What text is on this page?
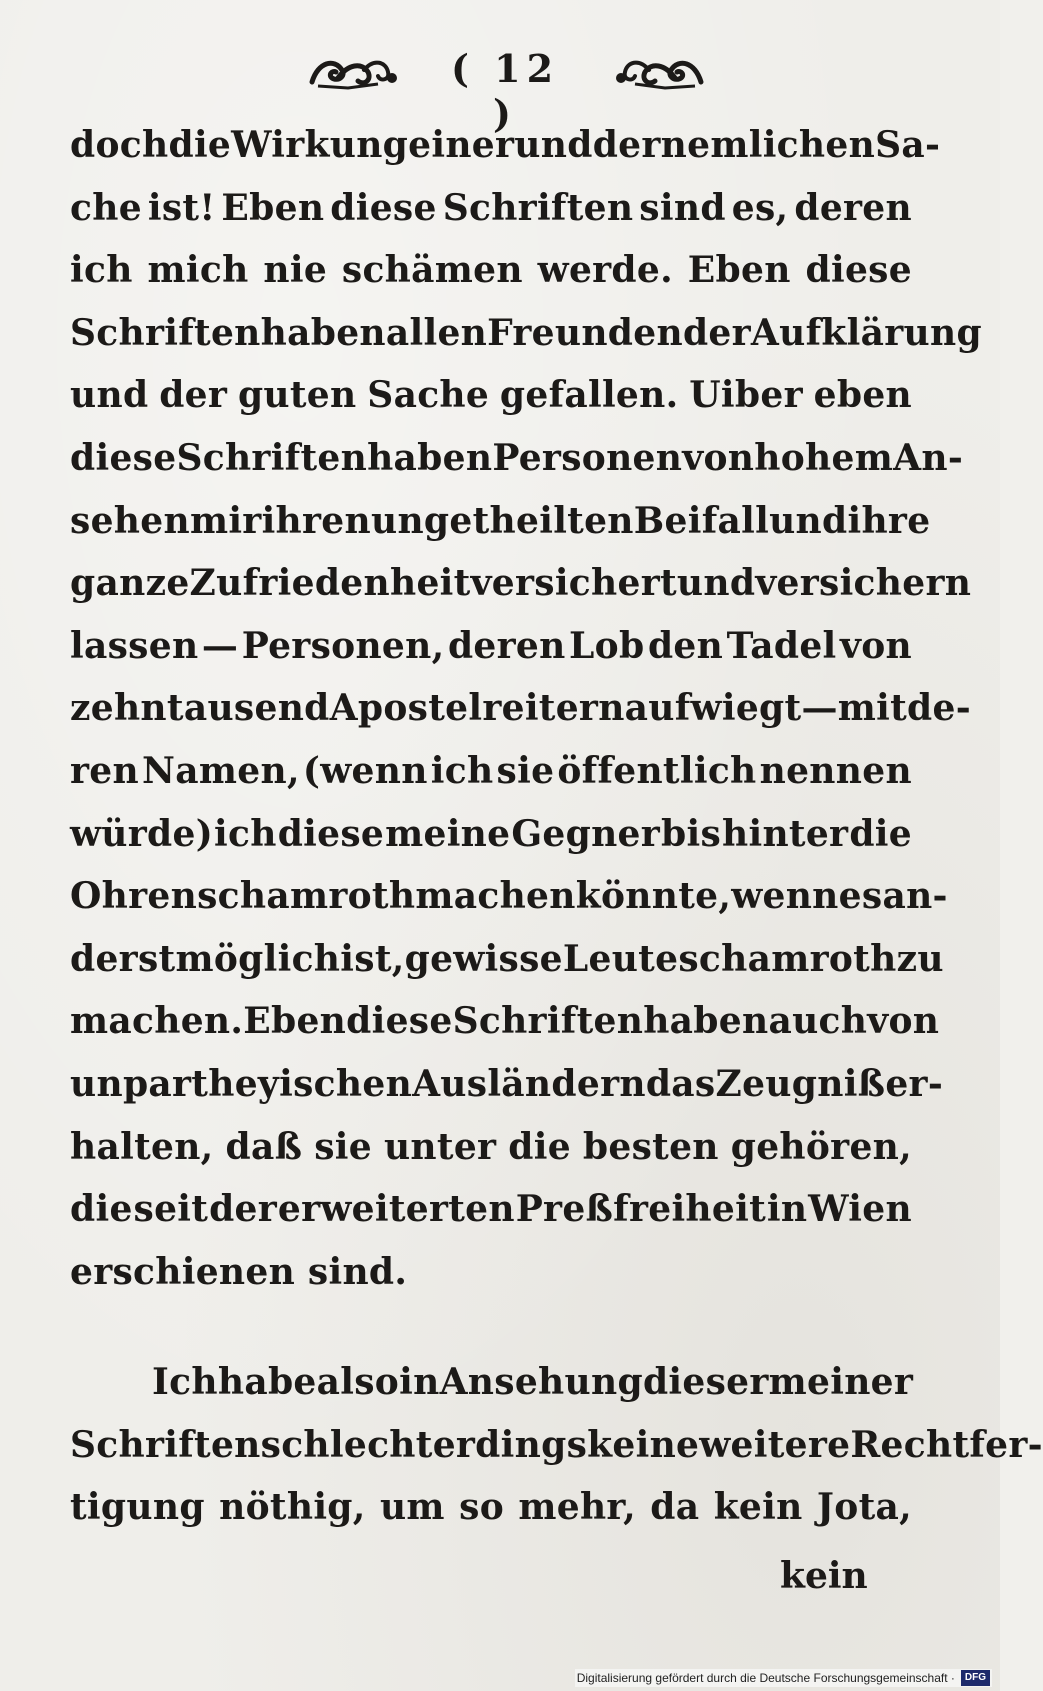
( 12 )
doch die Wirkung einer und der nemlichen Sa-
che ist! Eben diese Schriften sind es, deren
ich mich nie schämen werde. Eben diese
Schriften haben allen Freunden der Aufklärung
und der guten Sache gefallen. Uiber eben
diese Schriften haben Personen von hohem An-
sehen mir ihren ungetheilten Beifall und ihre
ganze Zufriedenheit versichert und versichern
lassen — Personen, deren Lob den Tadel von
zehntausend Apostelreitern aufwiegt — mit de-
ren Namen, (wenn ich sie öffentlich nennen
würde) ich diese meine Gegner bis hinter die
Ohren schamroth machen könnte, wenn es an-
derst möglich ist, gewisse Leute schamroth zu
machen. Eben diese Schriften haben auch von
unpartheyischen Ausländern das Zeugniß er-
halten, daß sie unter die besten gehören,
die seit der erweiterten Preßfreiheit in Wien
erschienen sind.
Ich habe also in Ansehung dieser meiner
Schriften schlechterdings keine weitere Rechtfer-
tigung nöthig, um so mehr, da kein Jota,
kein
Digitalisierung gefördert durch die Deutsche Forschungsgemeinschaft ·	DFG
